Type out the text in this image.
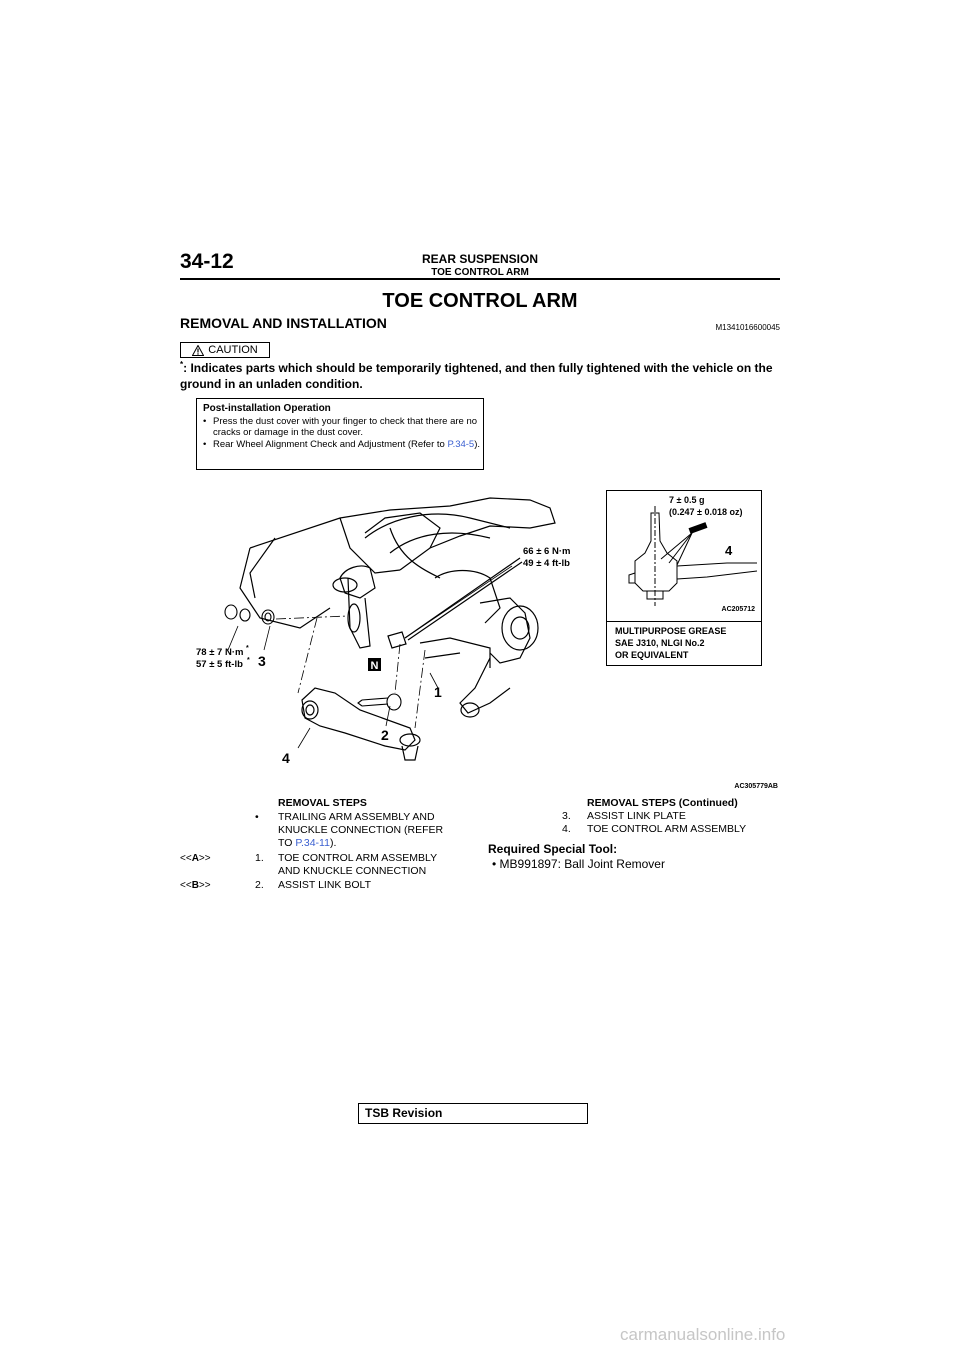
34-12	REAR SUSPENSION
TOE CONTROL ARM
TOE CONTROL ARM
REMOVAL AND INSTALLATION	M1341016600045
CAUTION
*: Indicates parts which should be temporarily tightened, and then fully tightened with the vehicle on the ground in an unladen condition.
Post-installation Operation
• Press the dust cover with your finger to check that there are no cracks or damage in the dust cover.
• Rear Wheel Alignment Check and Adjustment (Refer to P.34-5).
N
66 ± 6 N·m
49 ± 4 ft-lb
78 ± 7 N·m *
57 ± 5 ft-lb * 3
1
2
4
AC305779AB
7 ± 0.5 g
(0.247 ± 0.018 oz)
4
AC205712
MULTIPURPOSE GREASE
SAE J310, NLGI No.2
OR EQUIVALENT
REMOVAL STEPS
• TRAILING ARM ASSEMBLY AND
KNUCKLE CONNECTION (REFER
TO P.34-11).
<<A>>	1. TOE CONTROL ARM ASSEMBLY
AND KNUCKLE CONNECTION
<<B>>	2. ASSIST LINK BOLT
REMOVAL STEPS (Continued)
3. ASSIST LINK PLATE
4. TOE CONTROL ARM ASSEMBLY
Required Special Tool:
• MB991897: Ball Joint Remover
TSB Revision
carmanualsonline.info
